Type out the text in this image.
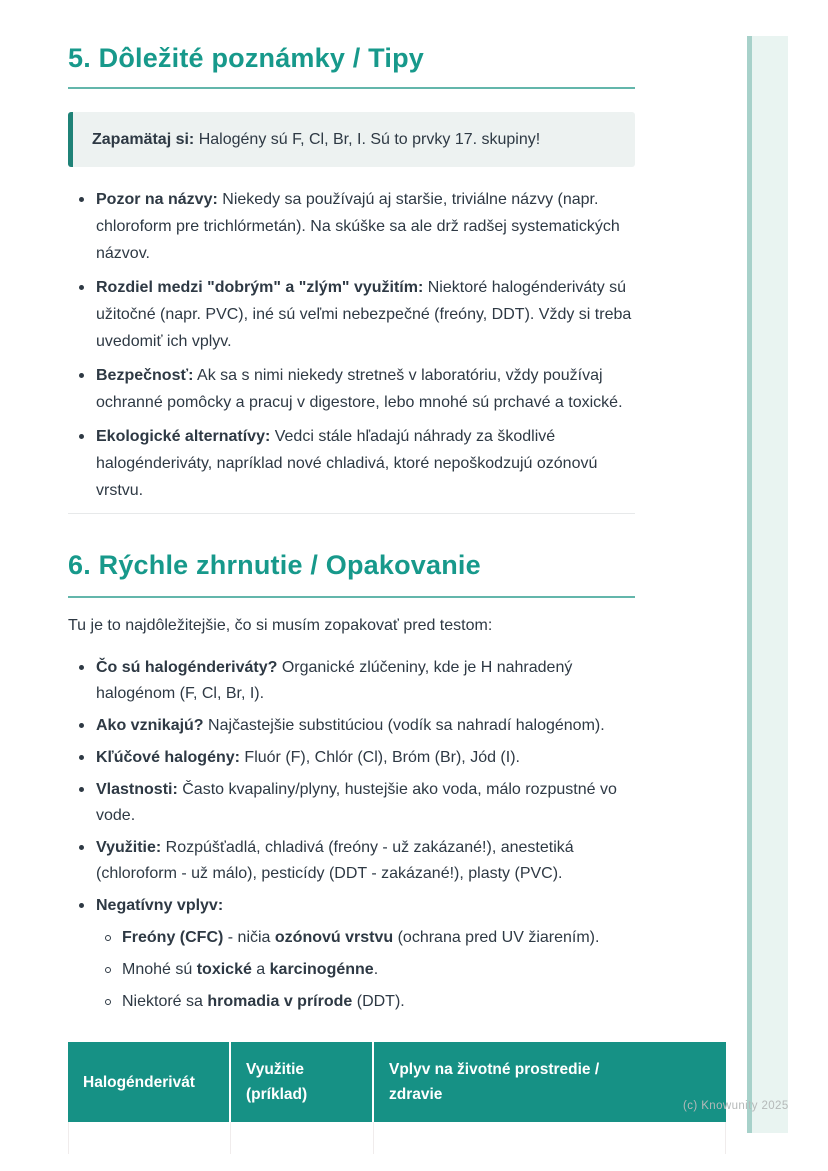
5. Dôležité poznámky / Tipy
Zapamätaj si: Halogény sú F, Cl, Br, I. Sú to prvky 17. skupiny!
Pozor na názvy: Niekedy sa používajú aj staršie, triviálne názvy (napr. chloroform pre trichlórmetán). Na skúške sa ale drž radšej systematických názvov.
Rozdiel medzi "dobrým" a "zlým" využitím: Niektoré halogénderiváty sú užitočné (napr. PVC), iné sú veľmi nebezpečné (freóny, DDT). Vždy si treba uvedomiť ich vplyv.
Bezpečnosť: Ak sa s nimi niekedy stretneš v laboratóriu, vždy používaj ochranné pomôcky a pracuj v digestore, lebo mnohé sú prchavé a toxické.
Ekologické alternatívy: Vedci stále hľadajú náhrady za škodlivé halogénderiváty, napríklad nové chladivá, ktoré nepoškodzujú ozónovú vrstvu.
6. Rýchle zhrnutie / Opakovanie

Tu je to najdôležitejšie, čo si musím zopakovať pred testom:

Čo sú halogénderiváty? Organické zlúčeniny, kde je H nahradený halogénom (F, Cl, Br, I).
Ako vznikajú? Najčastejšie substitúciou (vodík sa nahradí halogénom).
Kľúčové halogény: Fluór (F), Chlór (Cl), Bróm (Br), Jód (I).
Vlastnosti: Často kvapaliny/plyny, hustejšie ako voda, málo rozpustné vo vode.
Využitie: Rozpúšťadlá, chladivá (freóny - už zakázané!), anestetiká (chloroform - už málo), pesticídy (DDT - zakázané!), plasty (PVC).
Negatívny vplyv:
Freóny (CFC) - ničia ozónovú vrstvu (ochrana pred UV žiarením).
Mnohé sú toxické a karcinogénne.
Niektoré sa hromadia v prírode (DDT).
Halogénderivát	Využitie (príklad)	Vplyv na životné prostredie / zdravie

(c) Knowunity 2025
